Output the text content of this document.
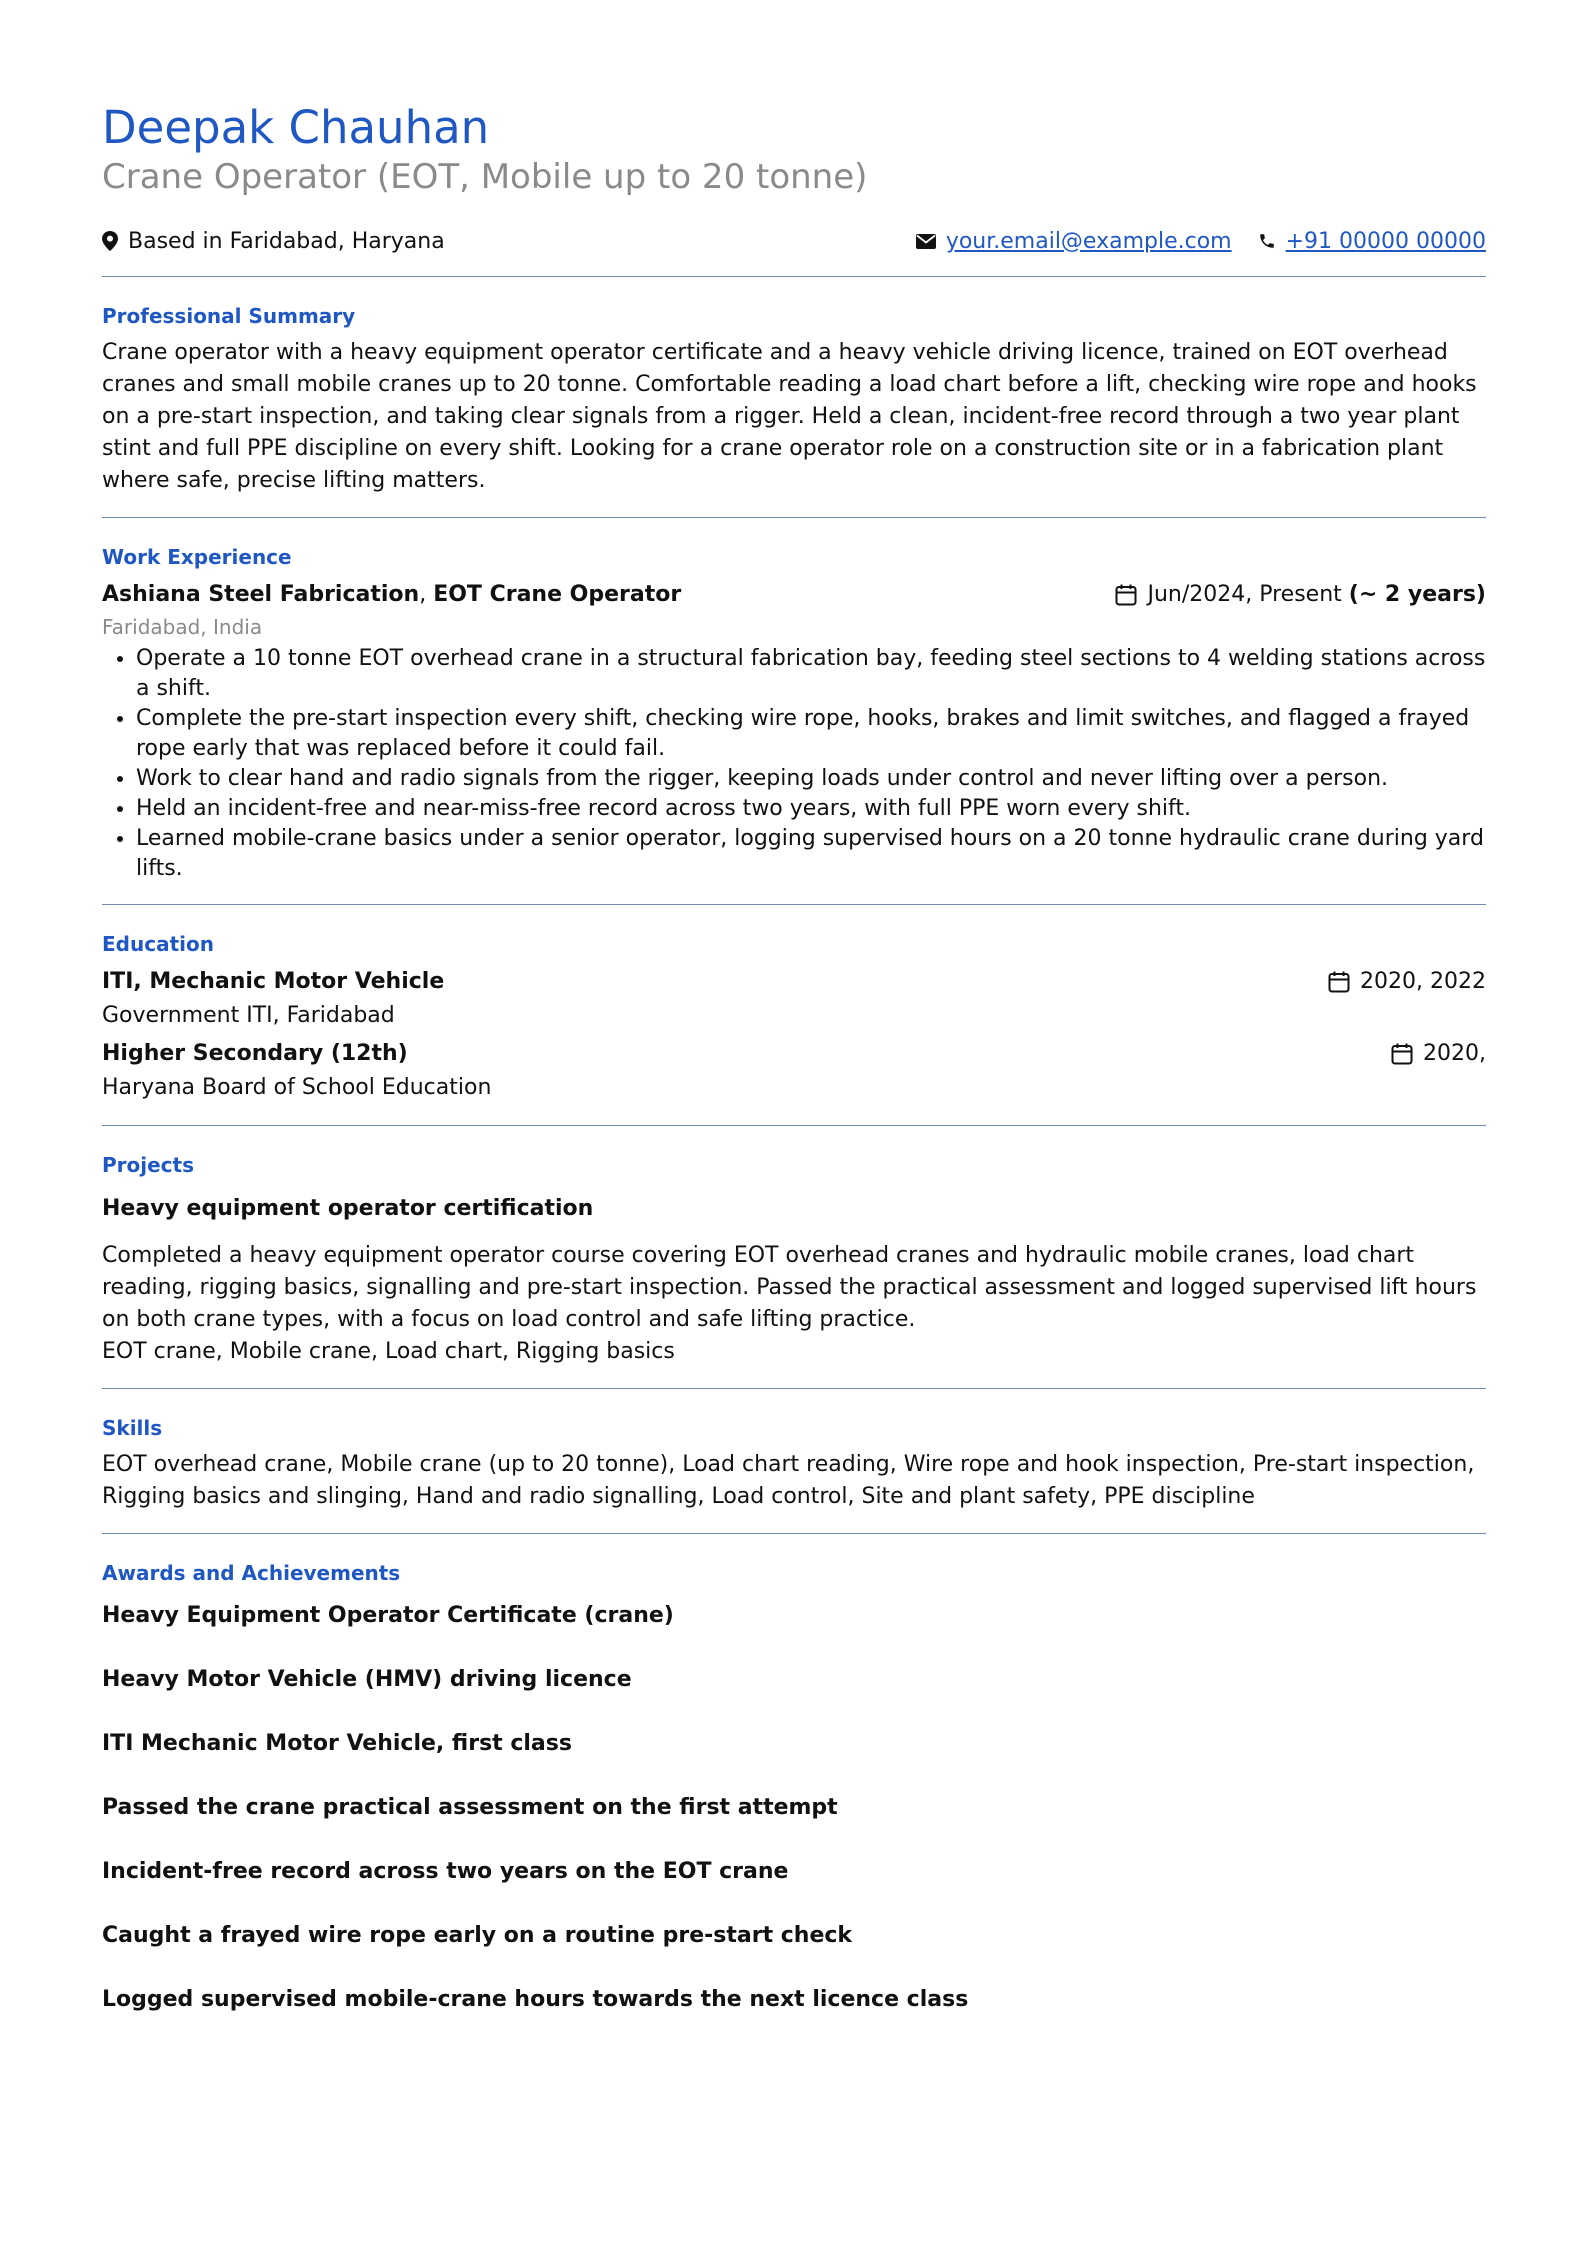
Deepak Chauhan
Crane Operator (EOT, Mobile up to 20 tonne)
Based in Faridabad, Haryana	your.email@example.com +91 00000 00000
Professional Summary

Crane operator with a heavy equipment operator certificate and a heavy vehicle driving licence, trained on EOT overhead cranes and small mobile cranes up to 20 tonne. Comfortable reading a load chart before a lift, checking wire rope and hooks on a pre-start inspection, and taking clear signals from a rigger. Held a clean, incident-free record through a two year plant stint and full PPE discipline on every shift. Looking for a crane operator role on a construction site or in a fabrication plant where safe, precise lifting matters.

Work Experience
Ashiana Steel Fabrication, EOT Crane Operator	Jun/2024, Present (~ 2 years)
Faridabad, India
• Operate a 10 tonne EOT overhead crane in a structural fabrication bay, feeding steel sections to 4 welding stations across a shift.
• Complete the pre-start inspection every shift, checking wire rope, hooks, brakes and limit switches, and flagged a frayed rope early that was replaced before it could fail.
• Work to clear hand and radio signals from the rigger, keeping loads under control and never lifting over a person.
• Held an incident-free and near-miss-free record across two years, with full PPE worn every shift.
• Learned mobile-crane basics under a senior operator, logging supervised hours on a 20 tonne hydraulic crane during yard lifts.
Education
ITI, Mechanic Motor Vehicle	2020, 2022
Government ITI, Faridabad
Higher Secondary (12th)	2020,
Haryana Board of School Education
Projects
Heavy equipment operator certification

Completed a heavy equipment operator course covering EOT overhead cranes and hydraulic mobile cranes, load chart reading, rigging basics, signalling and pre-start inspection. Passed the practical assessment and logged supervised lift hours on both crane types, with a focus on load control and safe lifting practice.

EOT crane, Mobile crane, Load chart, Rigging basics

Skills

EOT overhead crane, Mobile crane (up to 20 tonne), Load chart reading, Wire rope and hook inspection, Pre-start inspection, Rigging basics and slinging, Hand and radio signalling, Load control, Site and plant safety, PPE discipline

Awards and Achievements
Heavy Equipment Operator Certificate (crane)
Heavy Motor Vehicle (HMV) driving licence
ITI Mechanic Motor Vehicle, first class
Passed the crane practical assessment on the first attempt
Incident-free record across two years on the EOT crane
Caught a frayed wire rope early on a routine pre-start check
Logged supervised mobile-crane hours towards the next licence class
